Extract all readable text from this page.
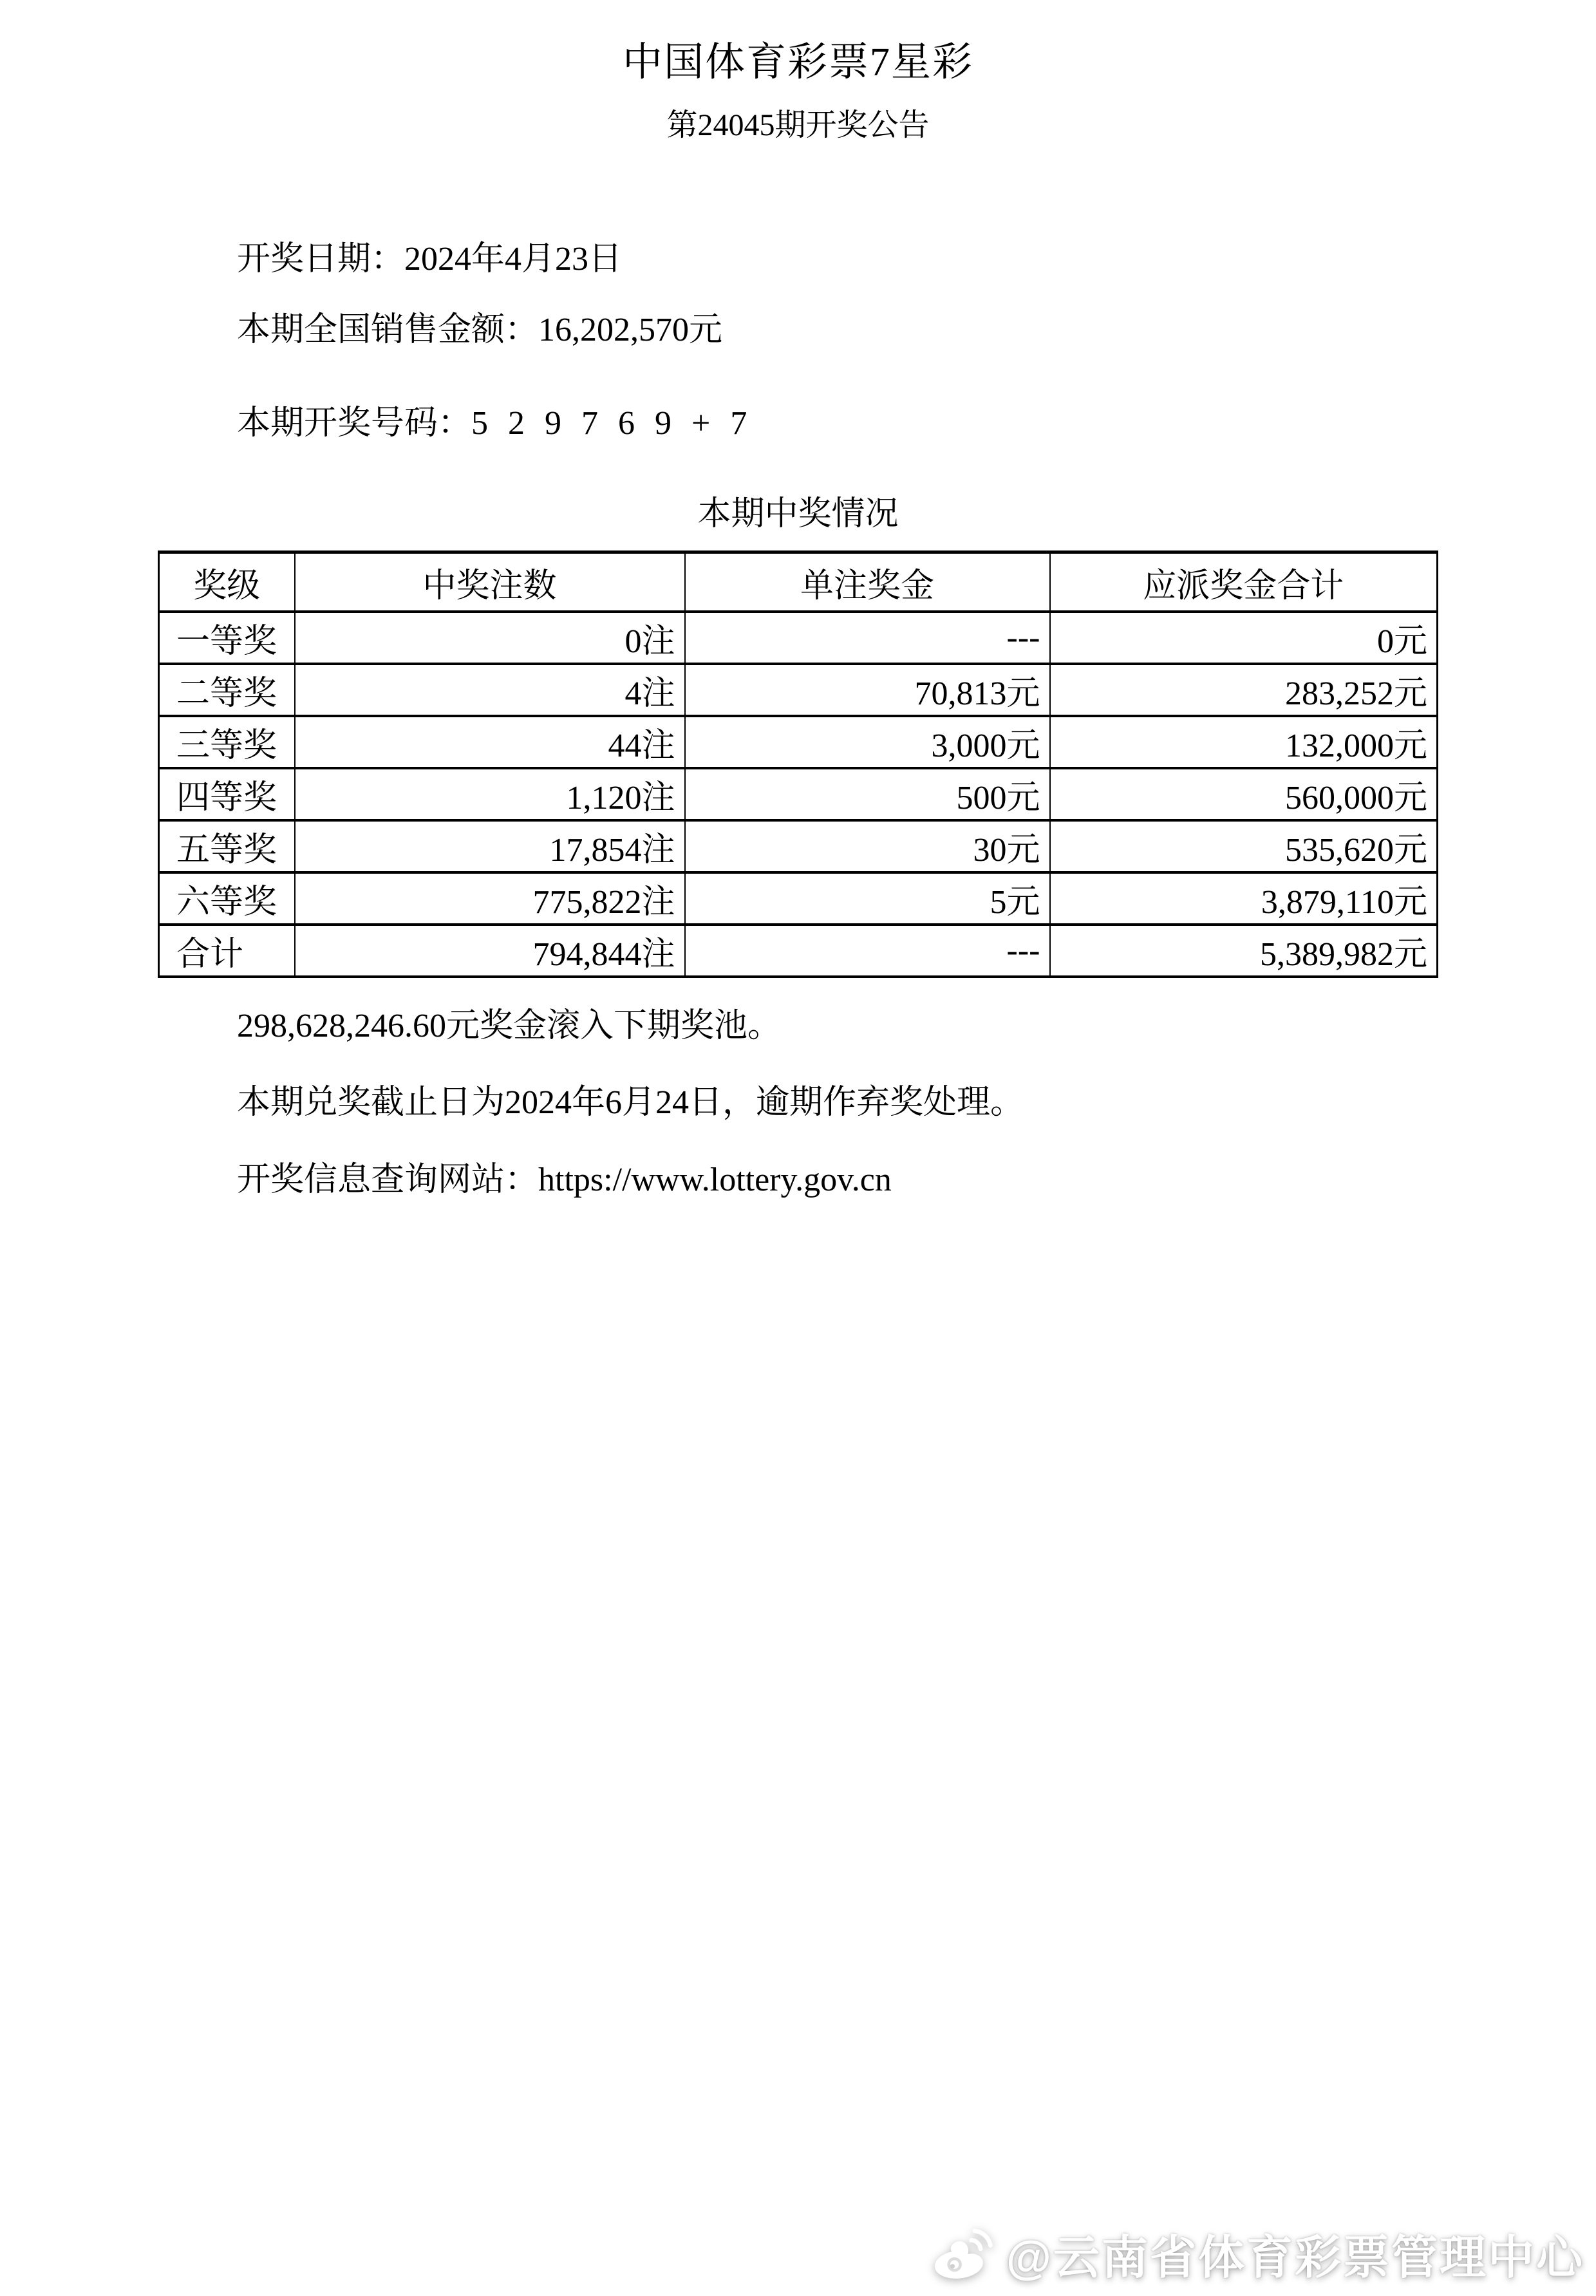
中国体育彩票7星彩
第24045期开奖公告

开奖日期：2024年4月23日

本期全国销售金额：16,202,570元

本期开奖号码：5 2 9 7 6 9 + 7

本期中奖情况
奖级	中奖注数	单注奖金	应派奖金合计
一等奖	0注	---	0元
二等奖	4注	70,813元	283,252元
三等奖	44注	3,000元	132,000元
四等奖	1,120注	500元	560,000元
五等奖	17,854注	30元	535,620元
六等奖	775,822注	5元	3,879,110元
合计	794,844注	---	5,389,982元

298,628,246.60元奖金滚入下期奖池。

本期兑奖截止日为2024年6月24日，逾期作弃奖处理。

开奖信息查询网站：https://www.lottery.gov.cn

@云南省体育彩票管理中心
